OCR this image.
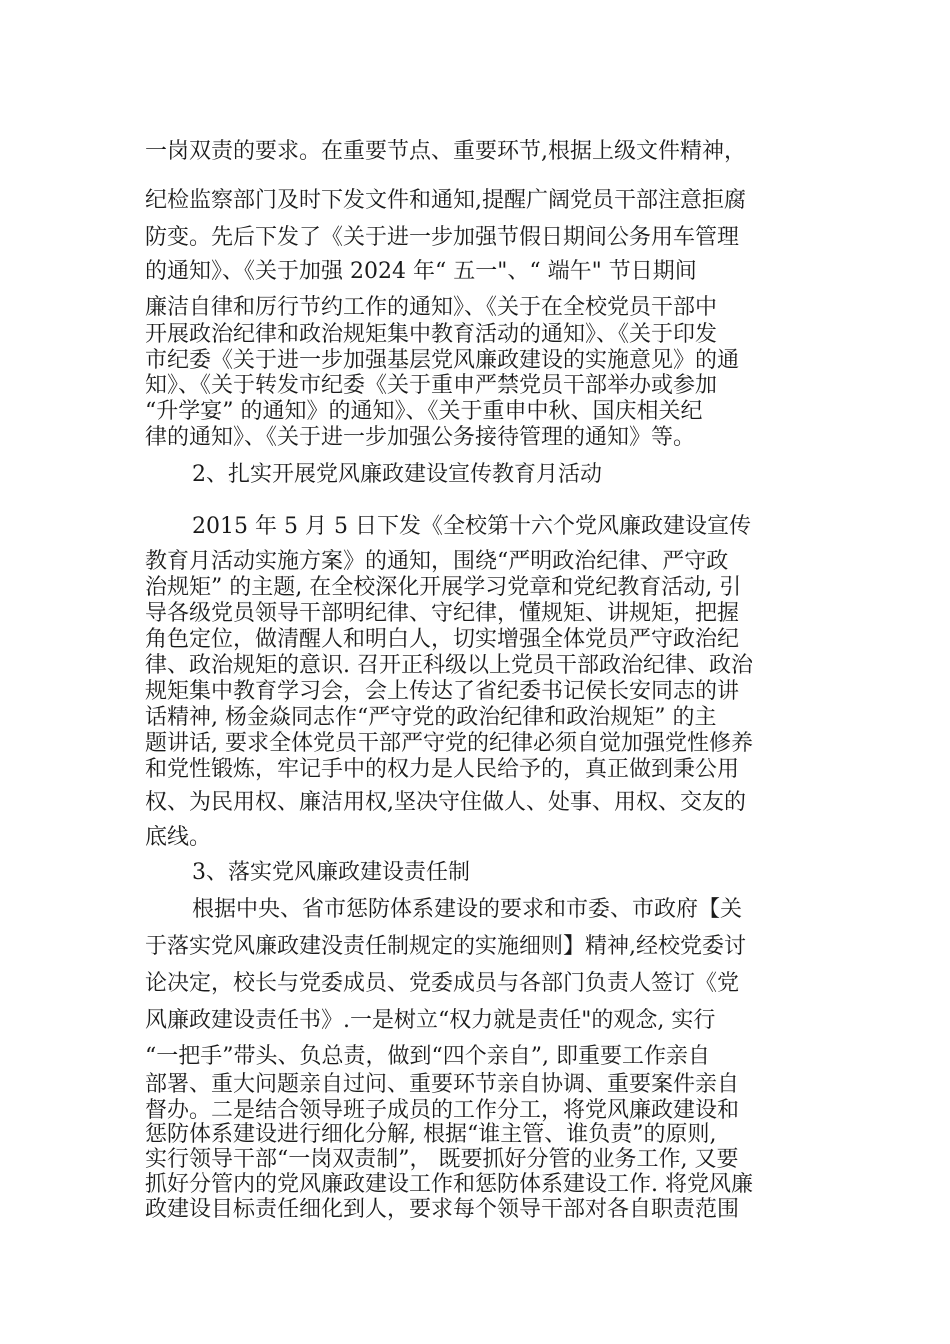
一岗双责的要求。在重要节点、重要环节,根据上级文件精神，
纪检监察部门及时下发文件和通知,提醒广阔党员干部注意拒腐
防变。先后下发了《关于进一步加强节假日期间公务用车管理
的通知》、《关于加强 2024 年“ 五一"、“ 端午" 节日期间
廉洁自律和厉行节约工作的通知》、《关于在全校党员干部中
开展政治纪律和政治规矩集中教育活动的通知》、《关于印发
市纪委《关于进一步加强基层党风廉政建设的实施意见》的通
知》、《关于转发市纪委《关于重申严禁党员干部举办或参加
“升学宴” 的通知》的通知》、《关于重申中秋、国庆相关纪
律的通知》、《关于进一步加强公务接待管理的通知》等。
2、扎实开展党风廉政建设宣传教育月活动
2015 年 5 月 5 日下发《全校第十六个党风廉政建设宣传
教育月活动实施方案》的通知，围绕“严明政治纪律、严守政
治规矩” 的主题, 在全校深化开展学习党章和党纪教育活动, 引
导各级党员领导干部明纪律、守纪律，懂规矩、讲规矩，把握
角色定位，做清醒人和明白人，切实增强全体党员严守政治纪
律、政治规矩的意识. 召开正科级以上党员干部政治纪律、政治
规矩集中教育学习会，会上传达了省纪委书记侯长安同志的讲
话精神, 杨金焱同志作“严守党的政治纪律和政治规矩” 的主
题讲话, 要求全体党员干部严守党的纪律必须自觉加强党性修养
和党性锻炼，牢记手中的权力是人民给予的，真正做到秉公用
权、为民用权、廉洁用权,坚决守住做人、处事、用权、交友的
底线。
3、落实党风廉政建设责任制
根据中央、省市惩防体系建设的要求和市委、市政府【关
于落实党风廉政建没责任制规定的实施细则】精神,经校党委讨
论决定，校长与党委成员、党委成员与各部门负责人签订《党
风廉政建设责任书》.一是树立“权力就是责任"的观念, 实行
“一把手”带头、负总责，做到“四个亲自”, 即重要工作亲自
部署、重大问题亲自过问、重要环节亲自协调、重要案件亲自
督办。二是结合领导班子成员的工作分工，将党风廉政建设和
惩防体系建设进行细化分解, 根据“谁主管、谁负责”的原则,
实行领导干部“一岗双责制”， 既要抓好分管的业务工作, 又要
抓好分管内的党风廉政建设工作和惩防体系建设工作. 将党风廉
政建设目标责任细化到人，要求每个领导干部对各自职责范围
